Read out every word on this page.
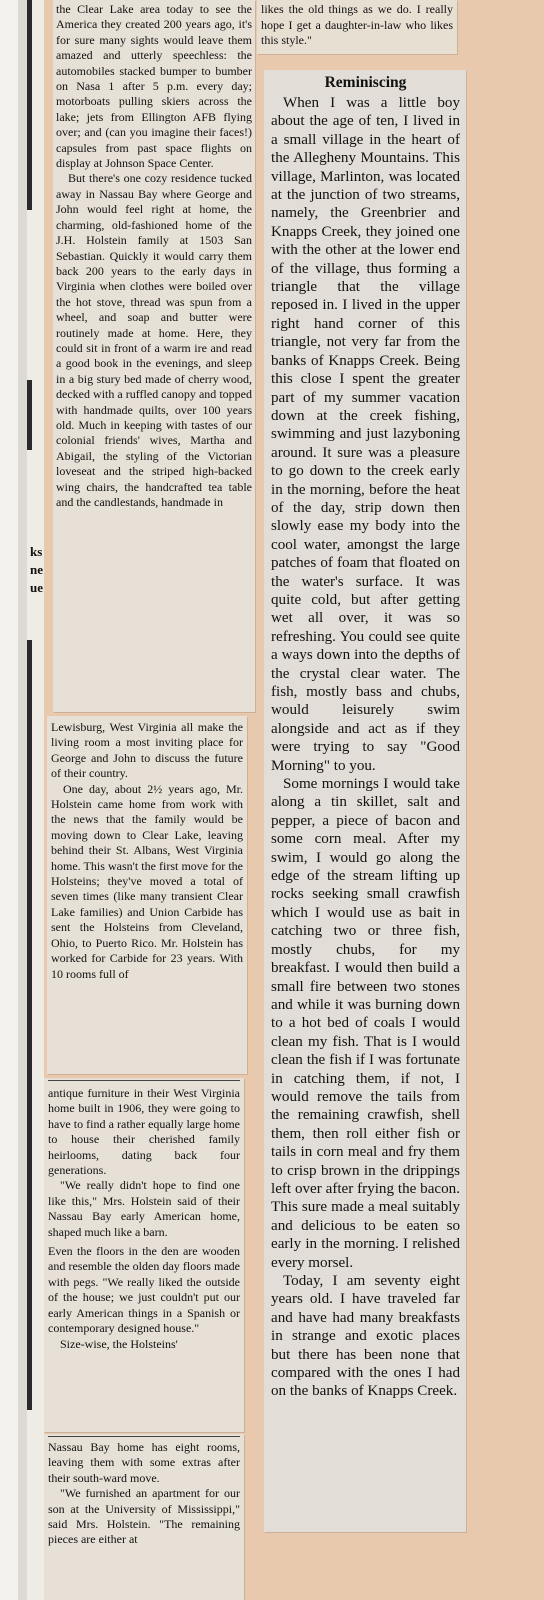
ks
ne
ue

the Clear Lake area today to see the America they created 200 years ago, it's for sure many sights would leave them amazed and utterly speechless: the automobiles stacked bumper to bumber on Nasa 1 after 5 p.m. every day; motorboats pulling skiers across the lake; jets from Ellington AFB flying over; and (can you imagine their faces!) capsules from past space flights on display at Johnson Space Center.

But there's one cozy residence tucked away in Nassau Bay where George and John would feel right at home, the charming, old-fashioned home of the J.H. Holstein family at 1503 San Sebastian. Quickly it would carry them back 200 years to the early days in Virginia when clothes were boiled over the hot stove, thread was spun from a wheel, and soap and butter were routinely made at home. Here, they could sit in front of a warm ire and read a good book in the evenings, and sleep in a big stury bed made of cherry wood, decked with a ruffled canopy and topped with handmade quilts, over 100 years old. Much in keeping with tastes of our colonial friends' wives, Martha and Abigail, the styling of the Victorian loveseat and the striped high-backed wing chairs, the handcrafted tea table and the candlestands, handmade in

Lewisburg, West Virginia all make the living room a most inviting place for George and John to discuss the future of their country.

One day, about 2½ years ago, Mr. Holstein came home from work with the news that the family would be moving down to Clear Lake, leaving behind their St. Albans, West Virginia home. This wasn't the first move for the Holsteins; they've moved a total of seven times (like many transient Clear Lake families) and Union Carbide has sent the Holsteins from Cleveland, Ohio, to Puerto Rico. Mr. Holstein has worked for Carbide for 23 years. With 10 rooms full of

antique furniture in their West Virginia home built in 1906, they were going to have to find a rather equally large home to house their cherished family heirlooms, dating back four generations.

"We really didn't hope to find one like this," Mrs. Holstein said of their Nassau Bay early American home, shaped much like a barn.

Even the floors in the den are wooden and resemble the olden day floors made with pegs. "We really liked the outside of the house; we just couldn't put our early American things in a Spanish or contemporary designed house."

Size-wise, the Holsteins'

Nassau Bay home has eight rooms, leaving them with some extras after their south-ward move.

"We furnished an apartment for our son at the University of Mississippi," said Mrs. Holstein. "The remaining pieces are either at

likes the old things as we do. I really hope I get a daughter-in-law who likes this style."

Reminiscing

When I was a little boy about the age of ten, I lived in a small village in the heart of the Allegheny Mountains. This village, Marlinton, was located at the junction of two streams, namely, the Greenbrier and Knapps Creek, they joined one with the other at the lower end of the village, thus forming a triangle that the village reposed in. I lived in the upper right hand corner of this triangle, not very far from the banks of Knapps Creek. Being this close I spent the greater part of my summer vacation down at the creek fishing, swimming and just lazyboning around. It sure was a pleasure to go down to the creek early in the morning, before the heat of the day, strip down then slowly ease my body into the cool water, amongst the large patches of foam that floated on the water's surface. It was quite cold, but after getting wet all over, it was so refreshing. You could see quite a ways down into the depths of the crystal clear water. The fish, mostly bass and chubs, would leisurely swim alongside and act as if they were trying to say "Good Morning" to you.

Some mornings I would take along a tin skillet, salt and pepper, a piece of bacon and some corn meal. After my swim, I would go along the edge of the stream lifting up rocks seeking small crawfish which I would use as bait in catching two or three fish, mostly chubs, for my breakfast. I would then build a small fire between two stones and while it was burning down to a hot bed of coals I would clean my fish. That is I would clean the fish if I was fortunate in catching them, if not, I would remove the tails from the remaining crawfish, shell them, then roll either fish or tails in corn meal and fry them to crisp brown in the drippings left over after frying the bacon. This sure made a meal suitably and delicious to be eaten so early in the morning. I relished every morsel.

Today, I am seventy eight years old. I have traveled far and have had many breakfasts in strange and exotic places but there has been none that compared with the ones I had on the banks of Knapps Creek.
